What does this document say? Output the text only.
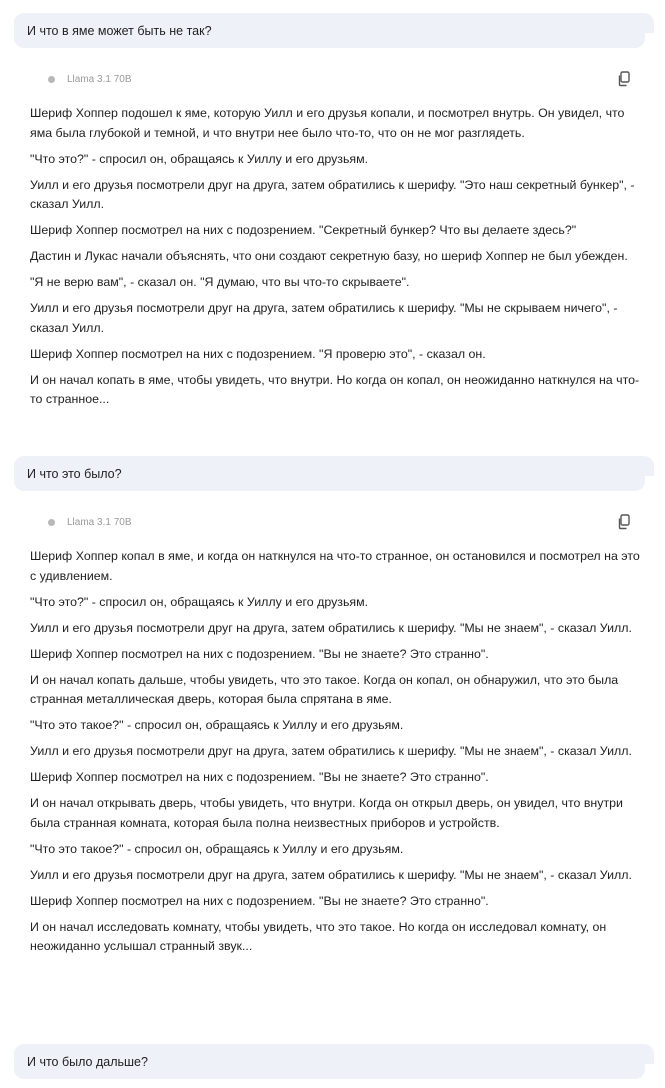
И что в яме может быть не так?
Llama 3.1 70B

Шериф Хоппер подошел к яме, которую Уилл и его друзья копали, и посмотрел внутрь. Он увидел, что яма была глубокой и темной, и что внутри нее было что-то, что он не мог разглядеть.

"Что это?" - спросил он, обращаясь к Уиллу и его друзьям.

Уилл и его друзья посмотрели друг на друга, затем обратились к шерифу. "Это наш секретный бункер", - сказал Уилл.

Шериф Хоппер посмотрел на них с подозрением. "Секретный бункер? Что вы делаете здесь?"

Дастин и Лукас начали объяснять, что они создают секретную базу, но шериф Хоппер не был убежден.

"Я не верю вам", - сказал он. "Я думаю, что вы что-то скрываете".

Уилл и его друзья посмотрели друг на друга, затем обратились к шерифу. "Мы не скрываем ничего", - сказал Уилл.

Шериф Хоппер посмотрел на них с подозрением. "Я проверю это", - сказал он.

И он начал копать в яме, чтобы увидеть, что внутри. Но когда он копал, он неожиданно наткнулся на что-то странное...

И что это было?
Llama 3.1 70B

Шериф Хоппер копал в яме, и когда он наткнулся на что-то странное, он остановился и посмотрел на это с удивлением.

"Что это?" - спросил он, обращаясь к Уиллу и его друзьям.

Уилл и его друзья посмотрели друг на друга, затем обратились к шерифу. "Мы не знаем", - сказал Уилл.

Шериф Хоппер посмотрел на них с подозрением. "Вы не знаете? Это странно".

И он начал копать дальше, чтобы увидеть, что это такое. Когда он копал, он обнаружил, что это была странная металлическая дверь, которая была спрятана в яме.

"Что это такое?" - спросил он, обращаясь к Уиллу и его друзьям.

Уилл и его друзья посмотрели друг на друга, затем обратились к шерифу. "Мы не знаем", - сказал Уилл.

Шериф Хоппер посмотрел на них с подозрением. "Вы не знаете? Это странно".

И он начал открывать дверь, чтобы увидеть, что внутри. Когда он открыл дверь, он увидел, что внутри была странная комната, которая была полна неизвестных приборов и устройств.

"Что это такое?" - спросил он, обращаясь к Уиллу и его друзьям.

Уилл и его друзья посмотрели друг на друга, затем обратились к шерифу. "Мы не знаем", - сказал Уилл.

Шериф Хоппер посмотрел на них с подозрением. "Вы не знаете? Это странно".

И он начал исследовать комнату, чтобы увидеть, что это такое. Но когда он исследовал комнату, он неожиданно услышал странный звук...

И что было дальше?
